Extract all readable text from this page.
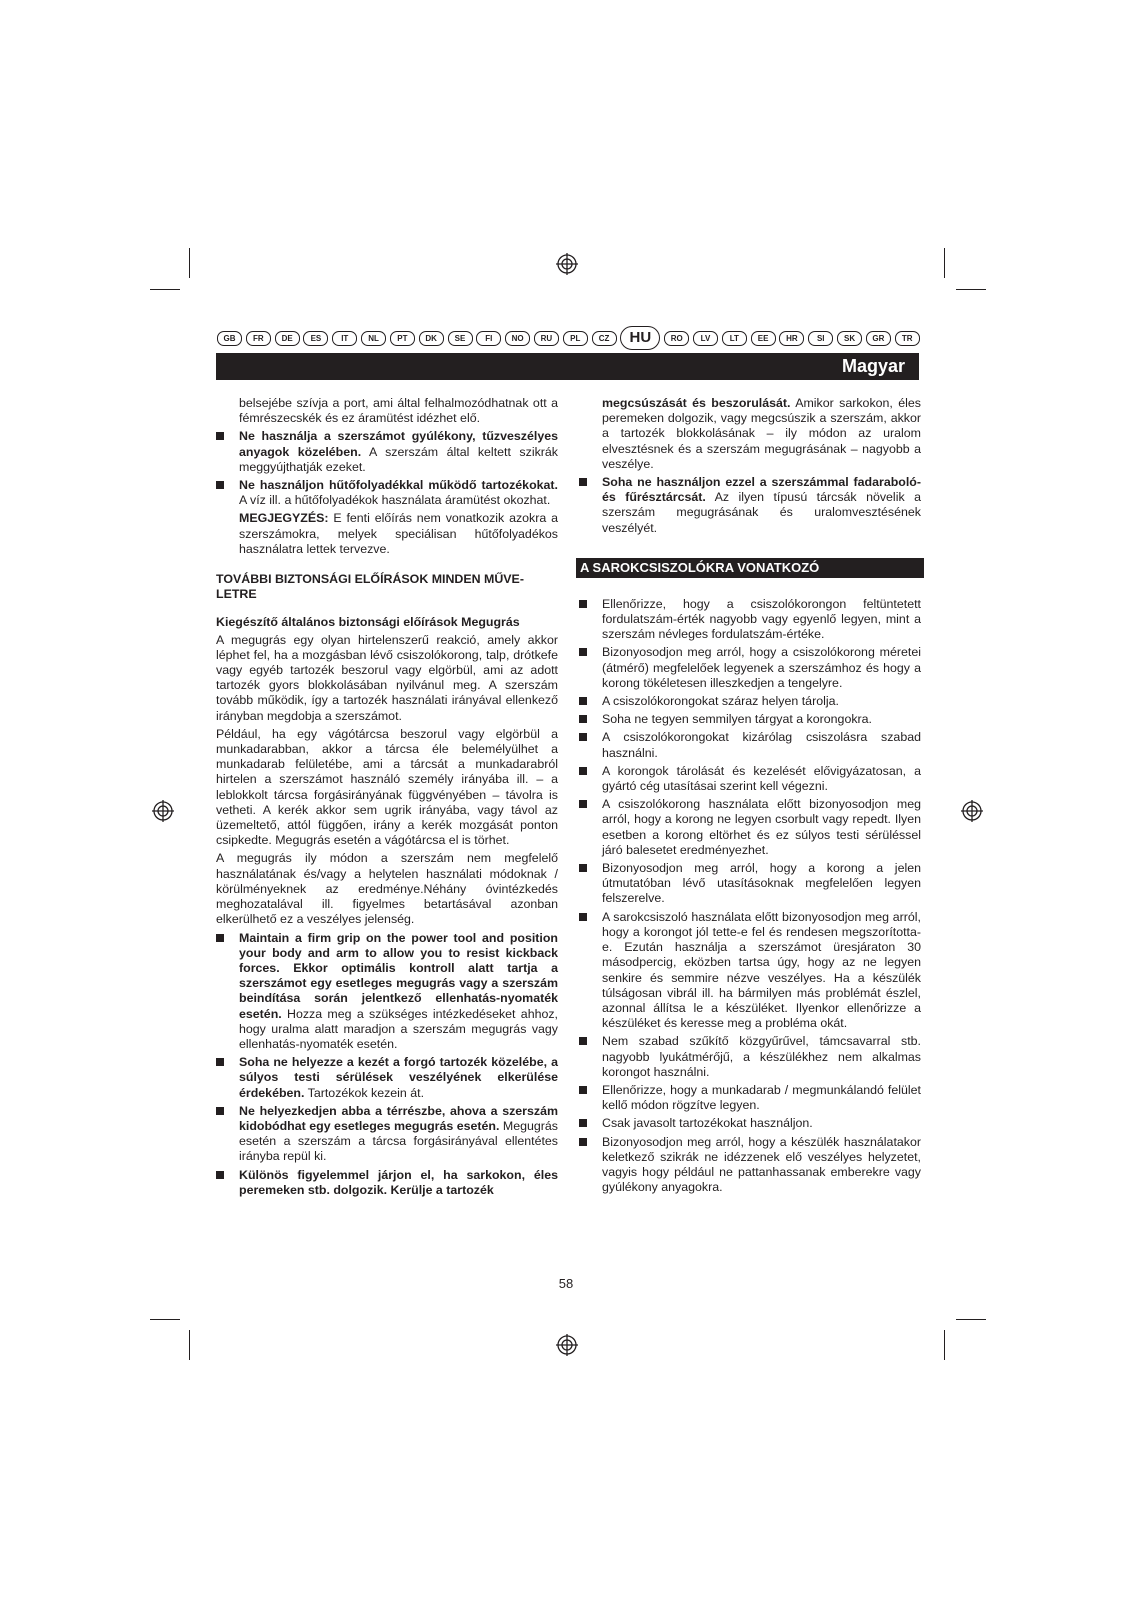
GB	FR	DE	ES	IT	NL	PT	DK	SE	FI	NO	RU	PL	CZ	HU	RO	LV	LT	EE	HR	SI	SK	GR	TR
Magyar

belsejébe szívja a port, ami által felhalmozódhatnak ott a fémrészecskék és ez áramütést idézhet elő.

Ne használja a szerszámot gyúlékony, tűzveszélyes anyagok közelében. A szerszám által keltett szikrák meggyújthatják ezeket.
Ne használjon hűtőfolyadékkal működő tartozékokat. A víz ill. a hűtőfolyadékok használata áramütést okozhat.
MEGJEGYZÉS: E fenti előírás nem vonatkozik azokra a szerszámokra, melyek speciálisan hűtőfolyadékos használatra lettek tervezve.
TOVÁBBI BIZTONSÁGI ELŐÍRÁSOK MINDEN MŰVE-LETRE
Kiegészítő általános biztonsági előírások Megugrás

A megugrás egy olyan hirtelenszerű reakció, amely akkor léphet fel, ha a mozgásban lévő csiszolókorong, talp, drótkefe vagy egyéb tartozék beszorul vagy elgörbül, ami az adott tartozék gyors blokkolásában nyilvánul meg. A szerszám tovább működik, így a tartozék használati irányával ellenkező irányban megdobja a szerszámot.

Például, ha egy vágótárcsa beszorul vagy elgörbül a munkadarabban, akkor a tárcsa éle belemélyülhet a munkadarab felületébe, ami a tárcsát a munkadarabról hirtelen a szerszámot használó személy irányába ill. – a leblokkolt tárcsa forgásirányának függvényében – távolra is vetheti. A kerék akkor sem ugrik irányába, vagy távol az üzemeltető, attól függően, irány a kerék mozgását ponton csipkedte. Megugrás esetén a vágótárcsa el is törhet.

A megugrás ily módon a szerszám nem megfelelő használatának és/vagy a helytelen használati módoknak / körülményeknek az eredménye.Néhány óvintézkedés meghozatalával ill. figyelmes betartásával azonban elkerülhető ez a veszélyes jelenség.

Maintain a firm grip on the power tool and position your body and arm to allow you to resist kickback forces. Ekkor optimális kontroll alatt tartja a szerszámot egy esetleges megugrás vagy a szerszám beindítása során jelentkező ellenhatás-nyomaték esetén. Hozza meg a szükséges intézkedéseket ahhoz, hogy uralma alatt maradjon a szerszám megugrás vagy ellenhatás-nyomaték esetén.
Soha ne helyezze a kezét a forgó tartozék közelébe, a súlyos testi sérülések veszélyének elkerülése érdekében. Tartozékok kezein át.
Ne helyezkedjen abba a térrészbe, ahova a szerszám kidobódhat egy esetleges megugrás esetén. Megugrás esetén a szerszám a tárcsa forgásirányával ellentétes irányba repül ki.
Különös figyelemmel járjon el, ha sarkokon, éles peremeken stb. dolgozik. Kerülje a tartozék
megcsúszását és beszorulását. Amikor sarkokon, éles peremeken dolgozik, vagy megcsúszik a szerszám, akkor a tartozék blokkolásának – ily módon az uralom elvesztésnek és a szerszám megugrásának – nagyobb a veszélye.
Soha ne használjon ezzel a szerszámmal fadaraboló- és fűrésztárcsát. Az ilyen típusú tárcsák növelik a szerszám megugrásának és uralomvesztésének veszélyét.
A SAROKCSISZOLÓKRA VONATKOZÓ
Ellenőrizze, hogy a csiszolókorongon feltüntetett fordulatszám-érték nagyobb vagy egyenlő legyen, mint a szerszám névleges fordulatszám-értéke.
Bizonyosodjon meg arról, hogy a csiszolókorong méretei (átmérő) megfelelőek legyenek a szerszámhoz és hogy a korong tökéletesen illeszkedjen a tengelyre.
A csiszolókorongokat száraz helyen tárolja.
Soha ne tegyen semmilyen tárgyat a korongokra.
A csiszolókorongokat kizárólag csiszolásra szabad használni.
A korongok tárolását és kezelését elővigyázatosan, a gyártó cég utasításai szerint kell végezni.
A csiszolókorong használata előtt bizonyosodjon meg arról, hogy a korong ne legyen csorbult vagy repedt. Ilyen esetben a korong eltörhet és ez súlyos testi sérüléssel járó balesetet eredményezhet.
Bizonyosodjon meg arról, hogy a korong a jelen útmutatóban lévő utasításoknak megfelelően legyen felszerelve.
A sarokcsiszoló használata előtt bizonyosodjon meg arról, hogy a korongot jól tette-e fel és rendesen megszorította-e. Ezután használja a szerszámot üresjáraton 30 másodpercig, eközben tartsa úgy, hogy az ne legyen senkire és semmire nézve veszélyes. Ha a készülék túlságosan vibrál ill. ha bármilyen más problémát észlel, azonnal állítsa le a készüléket. Ilyenkor ellenőrizze a készüléket és keresse meg a probléma okát.
Nem szabad szűkítő közgyűrűvel, támcsavarral stb. nagyobb lyukátmérőjű, a készülékhez nem alkalmas korongot használni.
Ellenőrizze, hogy a munkadarab / megmunkálandó felület kellő módon rögzítve legyen.
Csak javasolt tartozékokat használjon.
Bizonyosodjon meg arról, hogy a készülék használatakor keletkező szikrák ne idézzenek elő veszélyes helyzetet, vagyis hogy például ne pattanhassanak emberekre vagy gyúlékony anyagokra.
58
